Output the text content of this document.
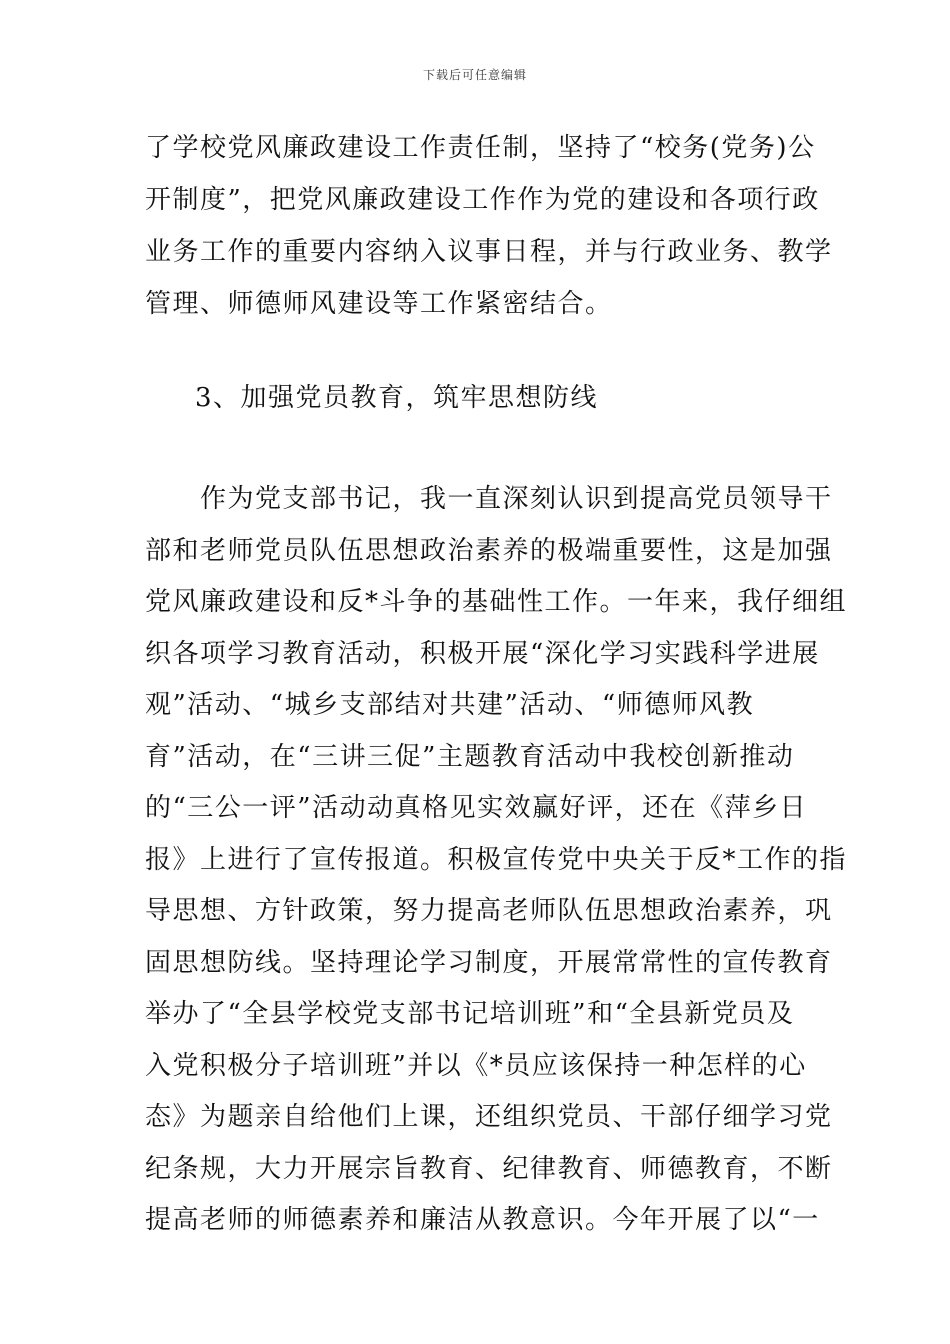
下载后可任意编辑
了学校党风廉政建设工作责任制，坚持了“校务(党务)公
开制度”，把党风廉政建设工作作为党的建设和各项行政
业务工作的重要内容纳入议事日程，并与行政业务、教学
管理、师德师风建设等工作紧密结合。
3、加强党员教育，筑牢思想防线
　　作为党支部书记，我一直深刻认识到提高党员领导干
部和老师党员队伍思想政治素养的极端重要性，这是加强
党风廉政建设和反*斗争的基础性工作。一年来，我仔细组
织各项学习教育活动，积极开展“深化学习实践科学进展
观”活动、“城乡支部结对共建”活动、“师德师风教
育”活动，在“三讲三促”主题教育活动中我校创新推动
的“三公一评”活动动真格见实效赢好评，还在《萍乡日
报》上进行了宣传报道。积极宣传党中央关于反*工作的指
导思想、方针政策，努力提高老师队伍思想政治素养，巩
固思想防线。坚持理论学习制度，开展常常性的宣传教育
举办了“全县学校党支部书记培训班”和“全县新党员及
入党积极分子培训班”并以《*员应该保持一种怎样的心
态》为题亲自给他们上课，还组织党员、干部仔细学习党
纪条规，大力开展宗旨教育、纪律教育、师德教育，不断
提高老师的师德素养和廉洁从教意识。今年开展了以“一
